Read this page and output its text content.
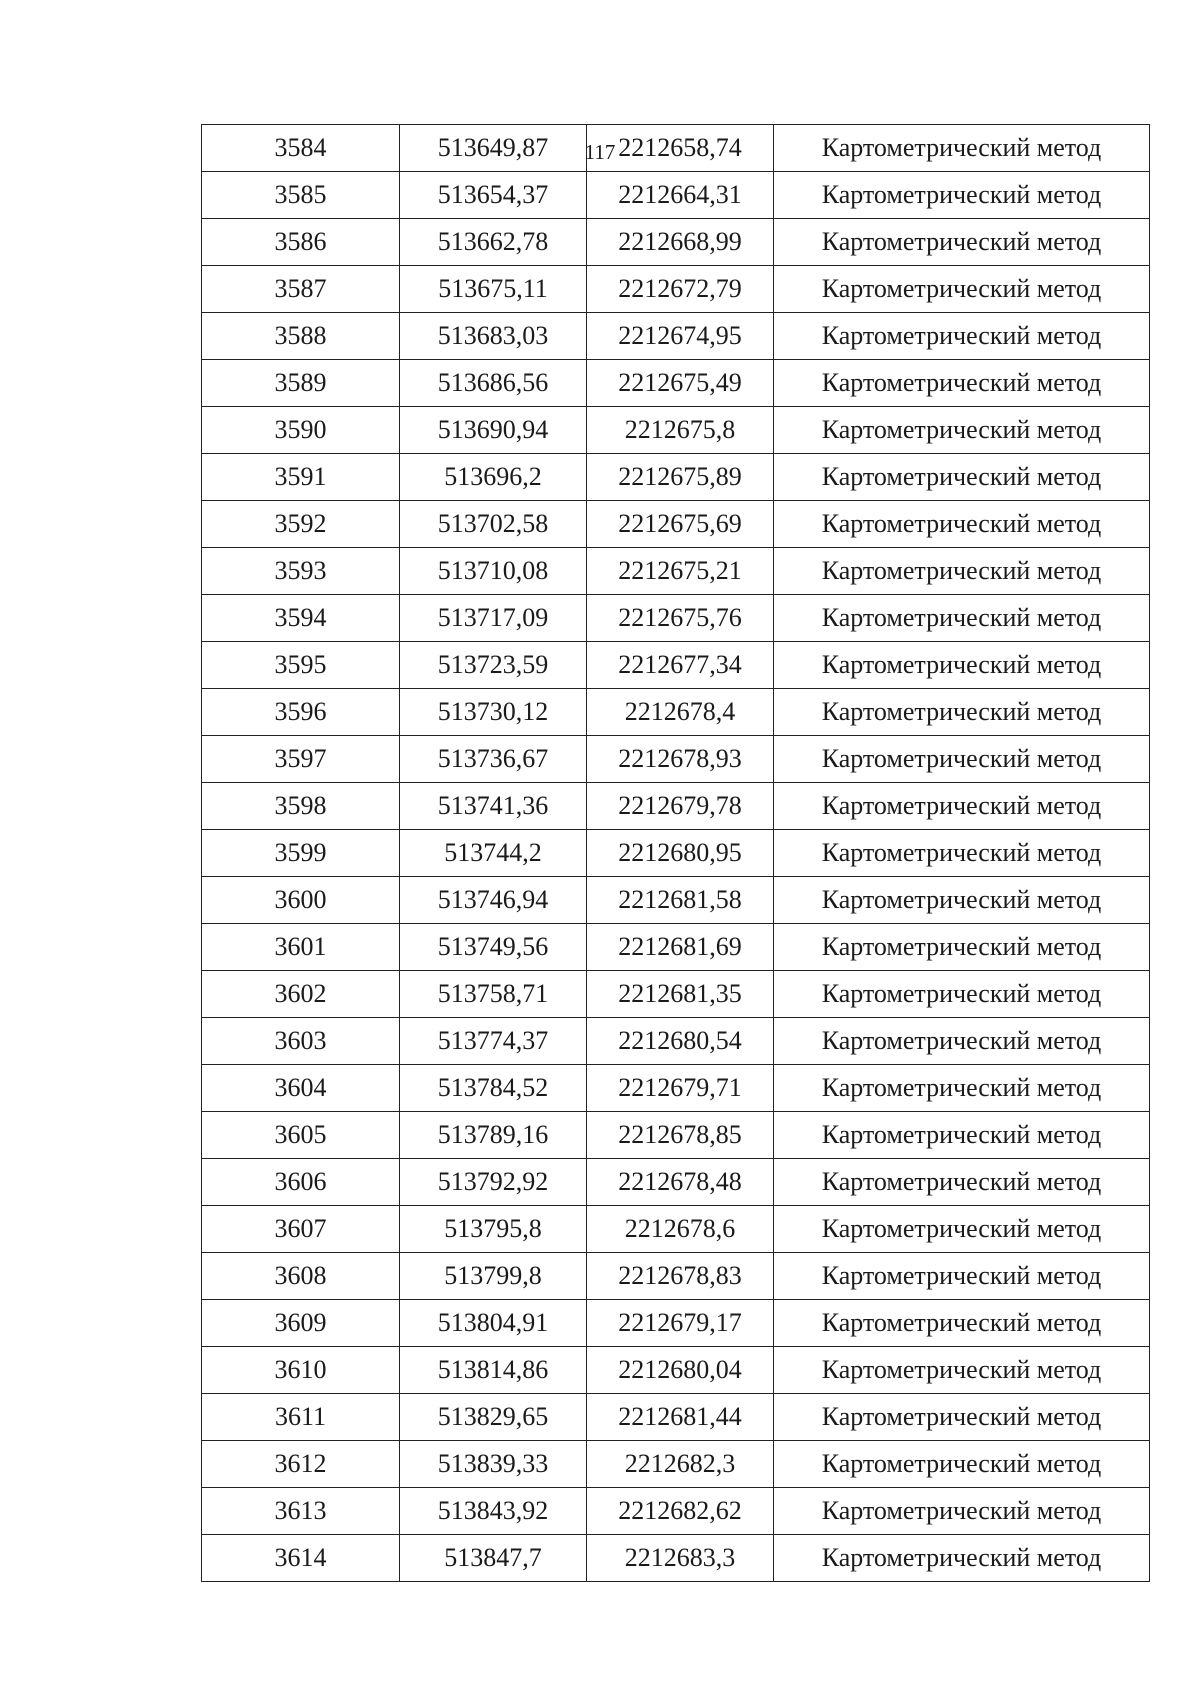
117
3584	513649,87	2212658,74	Картометрический метод
3585	513654,37	2212664,31	Картометрический метод
3586	513662,78	2212668,99	Картометрический метод
3587	513675,11	2212672,79	Картометрический метод
3588	513683,03	2212674,95	Картометрический метод
3589	513686,56	2212675,49	Картометрический метод
3590	513690,94	2212675,8	Картометрический метод
3591	513696,2	2212675,89	Картометрический метод
3592	513702,58	2212675,69	Картометрический метод
3593	513710,08	2212675,21	Картометрический метод
3594	513717,09	2212675,76	Картометрический метод
3595	513723,59	2212677,34	Картометрический метод
3596	513730,12	2212678,4	Картометрический метод
3597	513736,67	2212678,93	Картометрический метод
3598	513741,36	2212679,78	Картометрический метод
3599	513744,2	2212680,95	Картометрический метод
3600	513746,94	2212681,58	Картометрический метод
3601	513749,56	2212681,69	Картометрический метод
3602	513758,71	2212681,35	Картометрический метод
3603	513774,37	2212680,54	Картометрический метод
3604	513784,52	2212679,71	Картометрический метод
3605	513789,16	2212678,85	Картометрический метод
3606	513792,92	2212678,48	Картометрический метод
3607	513795,8	2212678,6	Картометрический метод
3608	513799,8	2212678,83	Картометрический метод
3609	513804,91	2212679,17	Картометрический метод
3610	513814,86	2212680,04	Картометрический метод
3611	513829,65	2212681,44	Картометрический метод
3612	513839,33	2212682,3	Картометрический метод
3613	513843,92	2212682,62	Картометрический метод
3614	513847,7	2212683,3	Картометрический метод
